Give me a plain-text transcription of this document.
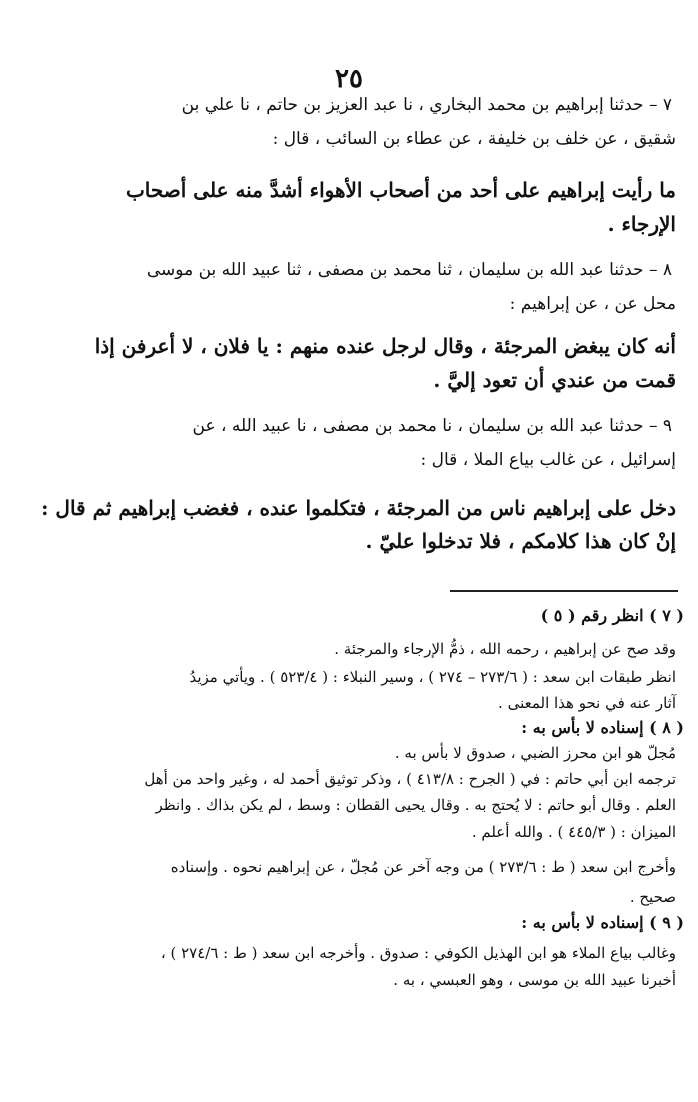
٢٥
٧ – حدثنا إبراهيم بن محمد البخاري ، نا عبد العزيز بن حاتم ، نا علي بن
شقيق ، عن خلف بن خليفة ، عن عطاء بن السائب ، قال :
ما رأيت إبراهيم على أحد من أصحاب الأهواء أشدَّ منه على أصحاب
الإرجاء .
٨ – حدثنا عبد الله بن سليمان ، ثنا محمد بن مصفى ، ثنا عبيد الله بن موسى
محل عن ، عن إبراهيم :
أنه كان يبغض المرجئة ، وقال لرجل عنده منهم : يا فلان ، لا أعرفن إذا
قمت من عندي أن تعود إليَّ .
٩ – حدثنا عبد الله بن سليمان ، نا محمد بن مصفى ، نا عبيد الله ، عن
إسرائيل ، عن غالب بياع الملا ، قال :
دخل على إبراهيم ناس من المرجئة ، فتكلموا عنده ، فغضب إبراهيم ثم قال :
إنْ كان هذا كلامكم ، فلا تدخلوا عليّ .
( ٧ ) انظر رقم ( ٥ )
وقد صح عن إبراهيم ، رحمه الله ، ذمُّ الإرجاء والمرجئة .
انظر طبقات ابن سعد : ( ٢٧٣/٦ – ٢٧٤ ) ، وسير النبلاء : ( ٥٢٣/٤ ) . ويأتي مزيدُ
آثار عنه في نحو هذا المعنى .
( ٨ ) إسناده لا بأس به :
مُجلّ هو ابن محرز الضبي ، صدوق لا بأس به .
ترجمه ابن أبي حاتم : في ( الجرح : ٤١٣/٨ ) ، وذكر توثيق أحمد له ، وغير واحد من أهل
العلم . وقال أبو حاتم : لا يُحتج به . وقال يحيى القطان : وسط ، لم يكن بذاك . وانظر
الميزان : ( ٤٤٥/٣ ) . والله أعلم .
وأخرج ابن سعد ( ط : ٢٧٣/٦ ) من وجه آخر عن مُجلّ ، عن إبراهيم نحوه . وإسناده
صحيح .
( ٩ ) إسناده لا بأس به :
وغالب بياع الملاء هو ابن الهذيل الكوفي : صدوق . وأخرجه ابن سعد ( ط : ٢٧٤/٦ ) ،
أخبرنا عبيد الله بن موسى ، وهو العبسي ، به .
